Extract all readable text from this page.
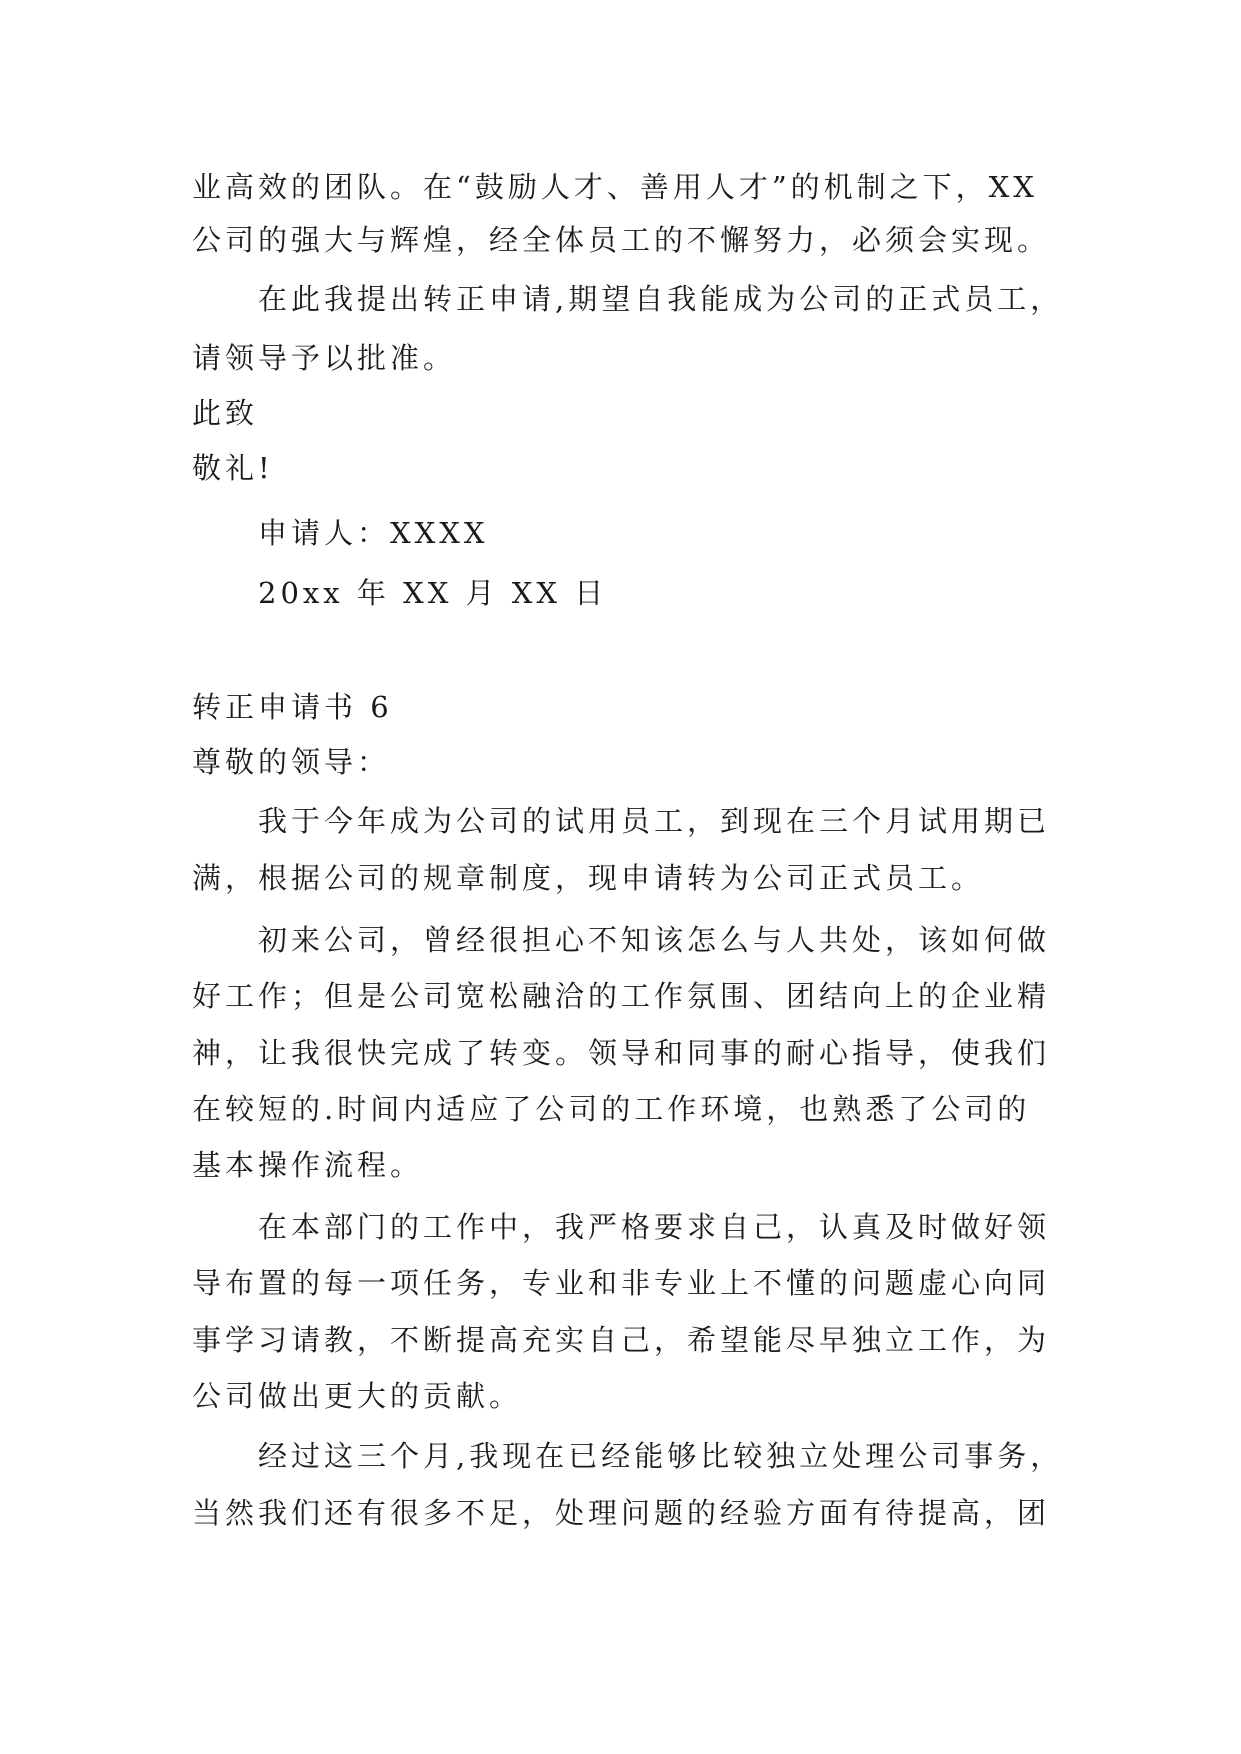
业高效的团队。在“鼓励人才、善用人才”的机制之下，XX
公司的强大与辉煌，经全体员工的不懈努力，必须会实现。
在此我提出转正申请,期望自我能成为公司的正式员工，
请领导予以批准。
此致
敬礼!
申请人：XXXX
20xx 年 XX 月 XX 日
转正申请书 6
尊敬的领导：
我于今年成为公司的试用员工，到现在三个月试用期已
满，根据公司的规章制度，现申请转为公司正式员工。
初来公司，曾经很担心不知该怎么与人共处，该如何做
好工作；但是公司宽松融洽的工作氛围、团结向上的企业精
神，让我很快完成了转变。领导和同事的耐心指导，使我们
在较短的.时间内适应了公司的工作环境，也熟悉了公司的
基本操作流程。
在本部门的工作中，我严格要求自己，认真及时做好领
导布置的每一项任务，专业和非专业上不懂的问题虚心向同
事学习请教，不断提高充实自己，希望能尽早独立工作，为
公司做出更大的贡献。
经过这三个月,我现在已经能够比较独立处理公司事务，
当然我们还有很多不足，处理问题的经验方面有待提高，团
